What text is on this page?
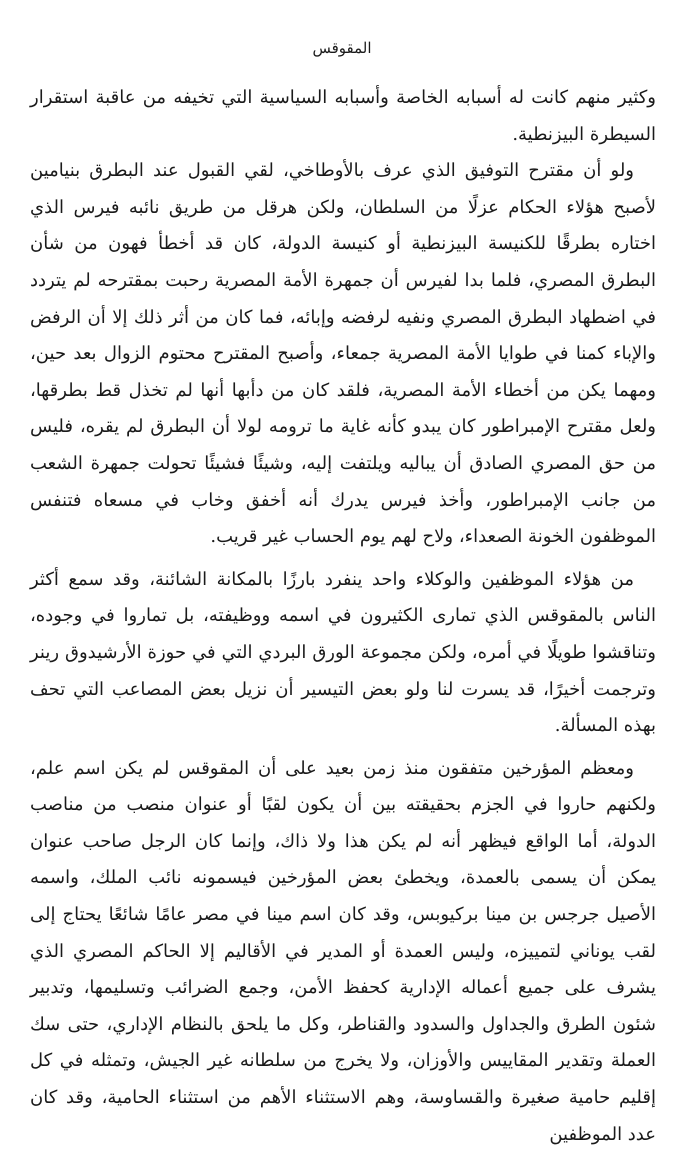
المقوقس

وكثير منهم كانت له أسبابه الخاصة وأسبابه السياسية التي تخيفه من عاقبة استقرار السيطرة البيزنطية.

ولو أن مقترح التوفيق الذي عرف بالأوطاخي، لقي القبول عند البطرق بنيامين لأصبح هؤلاء الحكام عزلًا من السلطان، ولكن هرقل من طريق نائبه فيرس الذي اختاره بطرقًا للكنيسة البيزنطية أو كنيسة الدولة، كان قد أخطأ فهون من شأن البطرق المصري، فلما بدا لفيرس أن جمهرة الأمة المصرية رحبت بمقترحه لم يتردد في اضطهاد البطرق المصري ونفيه لرفضه وإبائه، فما كان من أثر ذلك إلا أن الرفض والإباء كمنا في طوايا الأمة المصرية جمعاء، وأصبح المقترح محتوم الزوال بعد حين، ومهما يكن من أخطاء الأمة المصرية، فلقد كان من دأبها أنها لم تخذل قط بطرقها، ولعل مقترح الإمبراطور كان يبدو كأنه غاية ما ترومه لولا أن البطرق لم يقره، فليس من حق المصري الصادق أن يباليه ويلتفت إليه، وشيئًا فشيئًا تحولت جمهرة الشعب من جانب الإمبراطور، وأخذ فيرس يدرك أنه أخفق وخاب في مسعاه فتنفس الموظفون الخونة الصعداء، ولاح لهم يوم الحساب غير قريب.

من هؤلاء الموظفين والوكلاء واحد ينفرد بارزًا بالمكانة الشائنة، وقد سمع أكثر الناس بالمقوقس الذي تمارى الكثيرون في اسمه ووظيفته، بل تماروا في وجوده، وتناقشوا طويلًا في أمره، ولكن مجموعة الورق البردي التي في حوزة الأرشيدوق رينر وترجمت أخيرًا، قد يسرت لنا ولو بعض التيسير أن نزيل بعض المصاعب التي تحف بهذه المسألة.

ومعظم المؤرخين متفقون منذ زمن بعيد على أن المقوقس لم يكن اسم علم، ولكنهم حاروا في الجزم بحقيقته بين أن يكون لقبًا أو عنوان منصب من مناصب الدولة، أما الواقع فيظهر أنه لم يكن هذا ولا ذاك، وإنما كان الرجل صاحب عنوان يمكن أن يسمى بالعمدة، ويخطئ بعض المؤرخين فيسمونه نائب الملك، واسمه الأصيل جرجس بن مينا بركيوبس، وقد كان اسم مينا في مصر عامًا شائعًا يحتاج إلى لقب يوناني لتمييزه، وليس العمدة أو المدير في الأقاليم إلا الحاكم المصري الذي يشرف على جميع أعماله الإدارية كحفظ الأمن، وجمع الضرائب وتسليمها، وتدبير شئون الطرق والجداول والسدود والقناطر، وكل ما يلحق بالنظام الإداري، حتى سك العملة وتقدير المقاييس والأوزان، ولا يخرج من سلطانه غير الجيش، وتمثله في كل إقليم حامية صغيرة والقساوسة، وهم الاستثناء الأهم من استثناء الحامية، وقد كان عدد الموظفين
